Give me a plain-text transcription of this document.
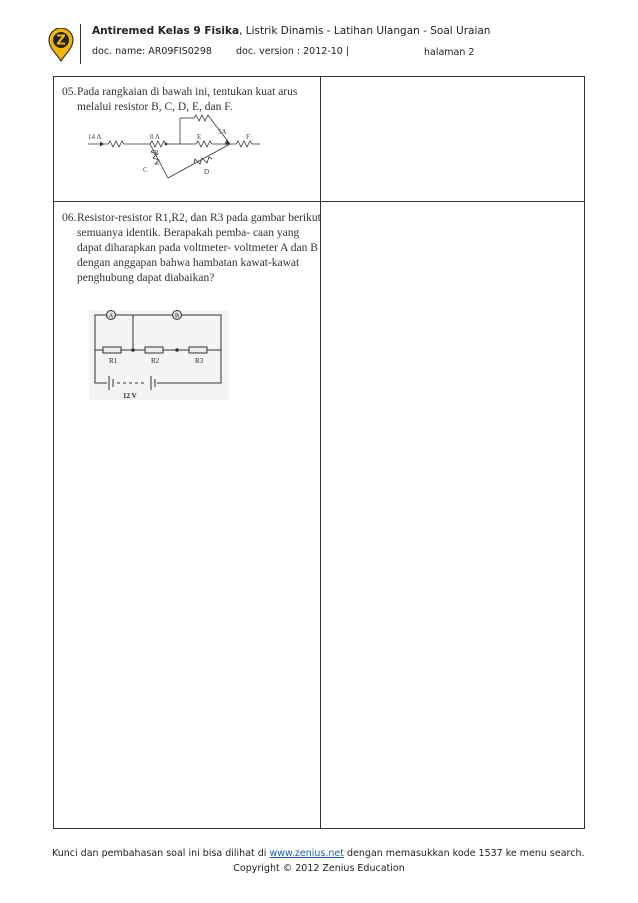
Z
Antiremed Kelas 9 Fisika, Listrik Dinamis - Latihan Ulangan - Soal Uraian
doc. name: AR09FIS0298	doc. version : 2012-10 |	halaman 2
05. Pada rangkaian di bawah ini, tentukan kuat arus melalui resistor B, C, D, E, dan F.
14 A	8 A
5A
B
C	D
E	F
06. Resistor-resistor R1,R2, dan R3 pada gambar berikut semuanya identik. Berapakah pemba- caan yang dapat diharapkan pada voltmeter- voltmeter A dan B dengan anggapan bahwa hambatan kawat-kawat penghubung dapat diabaikan?
A	B
R1	R2	R3
12 V
Kunci dan pembahasan soal ini bisa dilihat di www.zenius.net dengan memasukkan kode 1537 ke menu search.
Copyright © 2012 Zenius Education
